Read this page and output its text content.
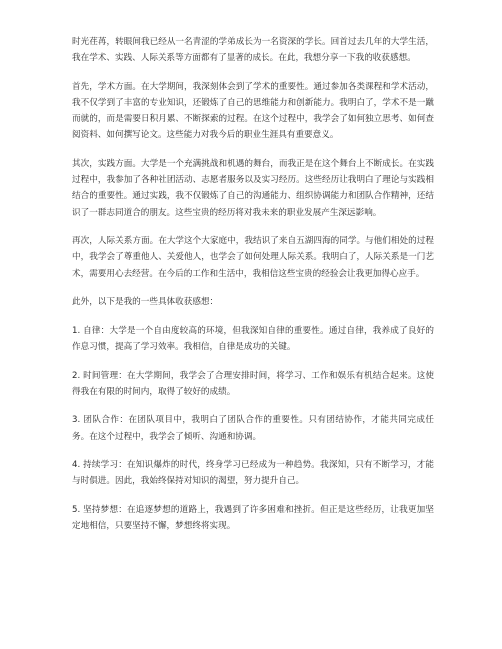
时光荏苒，转眼间我已经从一名青涩的学弟成长为一名资深的学长。回首过去几年的大学生活，我在学术、实践、人际关系等方面都有了显著的成长。在此，我想分享一下我的收获感想。

首先，学术方面。在大学期间，我深刻体会到了学术的重要性。通过参加各类课程和学术活动，我不仅学到了丰富的专业知识，还锻炼了自己的思维能力和创新能力。我明白了，学术不是一蹴而就的，而是需要日积月累、不断探索的过程。在这个过程中，我学会了如何独立思考、如何查阅资料、如何撰写论文。这些能力对我今后的职业生涯具有重要意义。

其次，实践方面。大学是一个充满挑战和机遇的舞台，而我正是在这个舞台上不断成长。在实践过程中，我参加了各种社团活动、志愿者服务以及实习经历。这些经历让我明白了理论与实践相结合的重要性。通过实践，我不仅锻炼了自己的沟通能力、组织协调能力和团队合作精神，还结识了一群志同道合的朋友。这些宝贵的经历将对我未来的职业发展产生深远影响。

再次，人际关系方面。在大学这个大家庭中，我结识了来自五湖四海的同学。与他们相处的过程中，我学会了尊重他人、关爱他人，也学会了如何处理人际关系。我明白了，人际关系是一门艺术，需要用心去经营。在今后的工作和生活中，我相信这些宝贵的经验会让我更加得心应手。

此外，以下是我的一些具体收获感想：

1. 自律：大学是一个自由度较高的环境，但我深知自律的重要性。通过自律，我养成了良好的作息习惯，提高了学习效率。我相信，自律是成功的关键。

2. 时间管理：在大学期间，我学会了合理安排时间，将学习、工作和娱乐有机结合起来。这使得我在有限的时间内，取得了较好的成绩。

3. 团队合作：在团队项目中，我明白了团队合作的重要性。只有团结协作，才能共同完成任务。在这个过程中，我学会了倾听、沟通和协调。

4. 持续学习：在知识爆炸的时代，终身学习已经成为一种趋势。我深知，只有不断学习，才能与时俱进。因此，我始终保持对知识的渴望，努力提升自己。

5. 坚持梦想：在追逐梦想的道路上，我遇到了许多困难和挫折。但正是这些经历，让我更加坚定地相信，只要坚持不懈，梦想终将实现。
